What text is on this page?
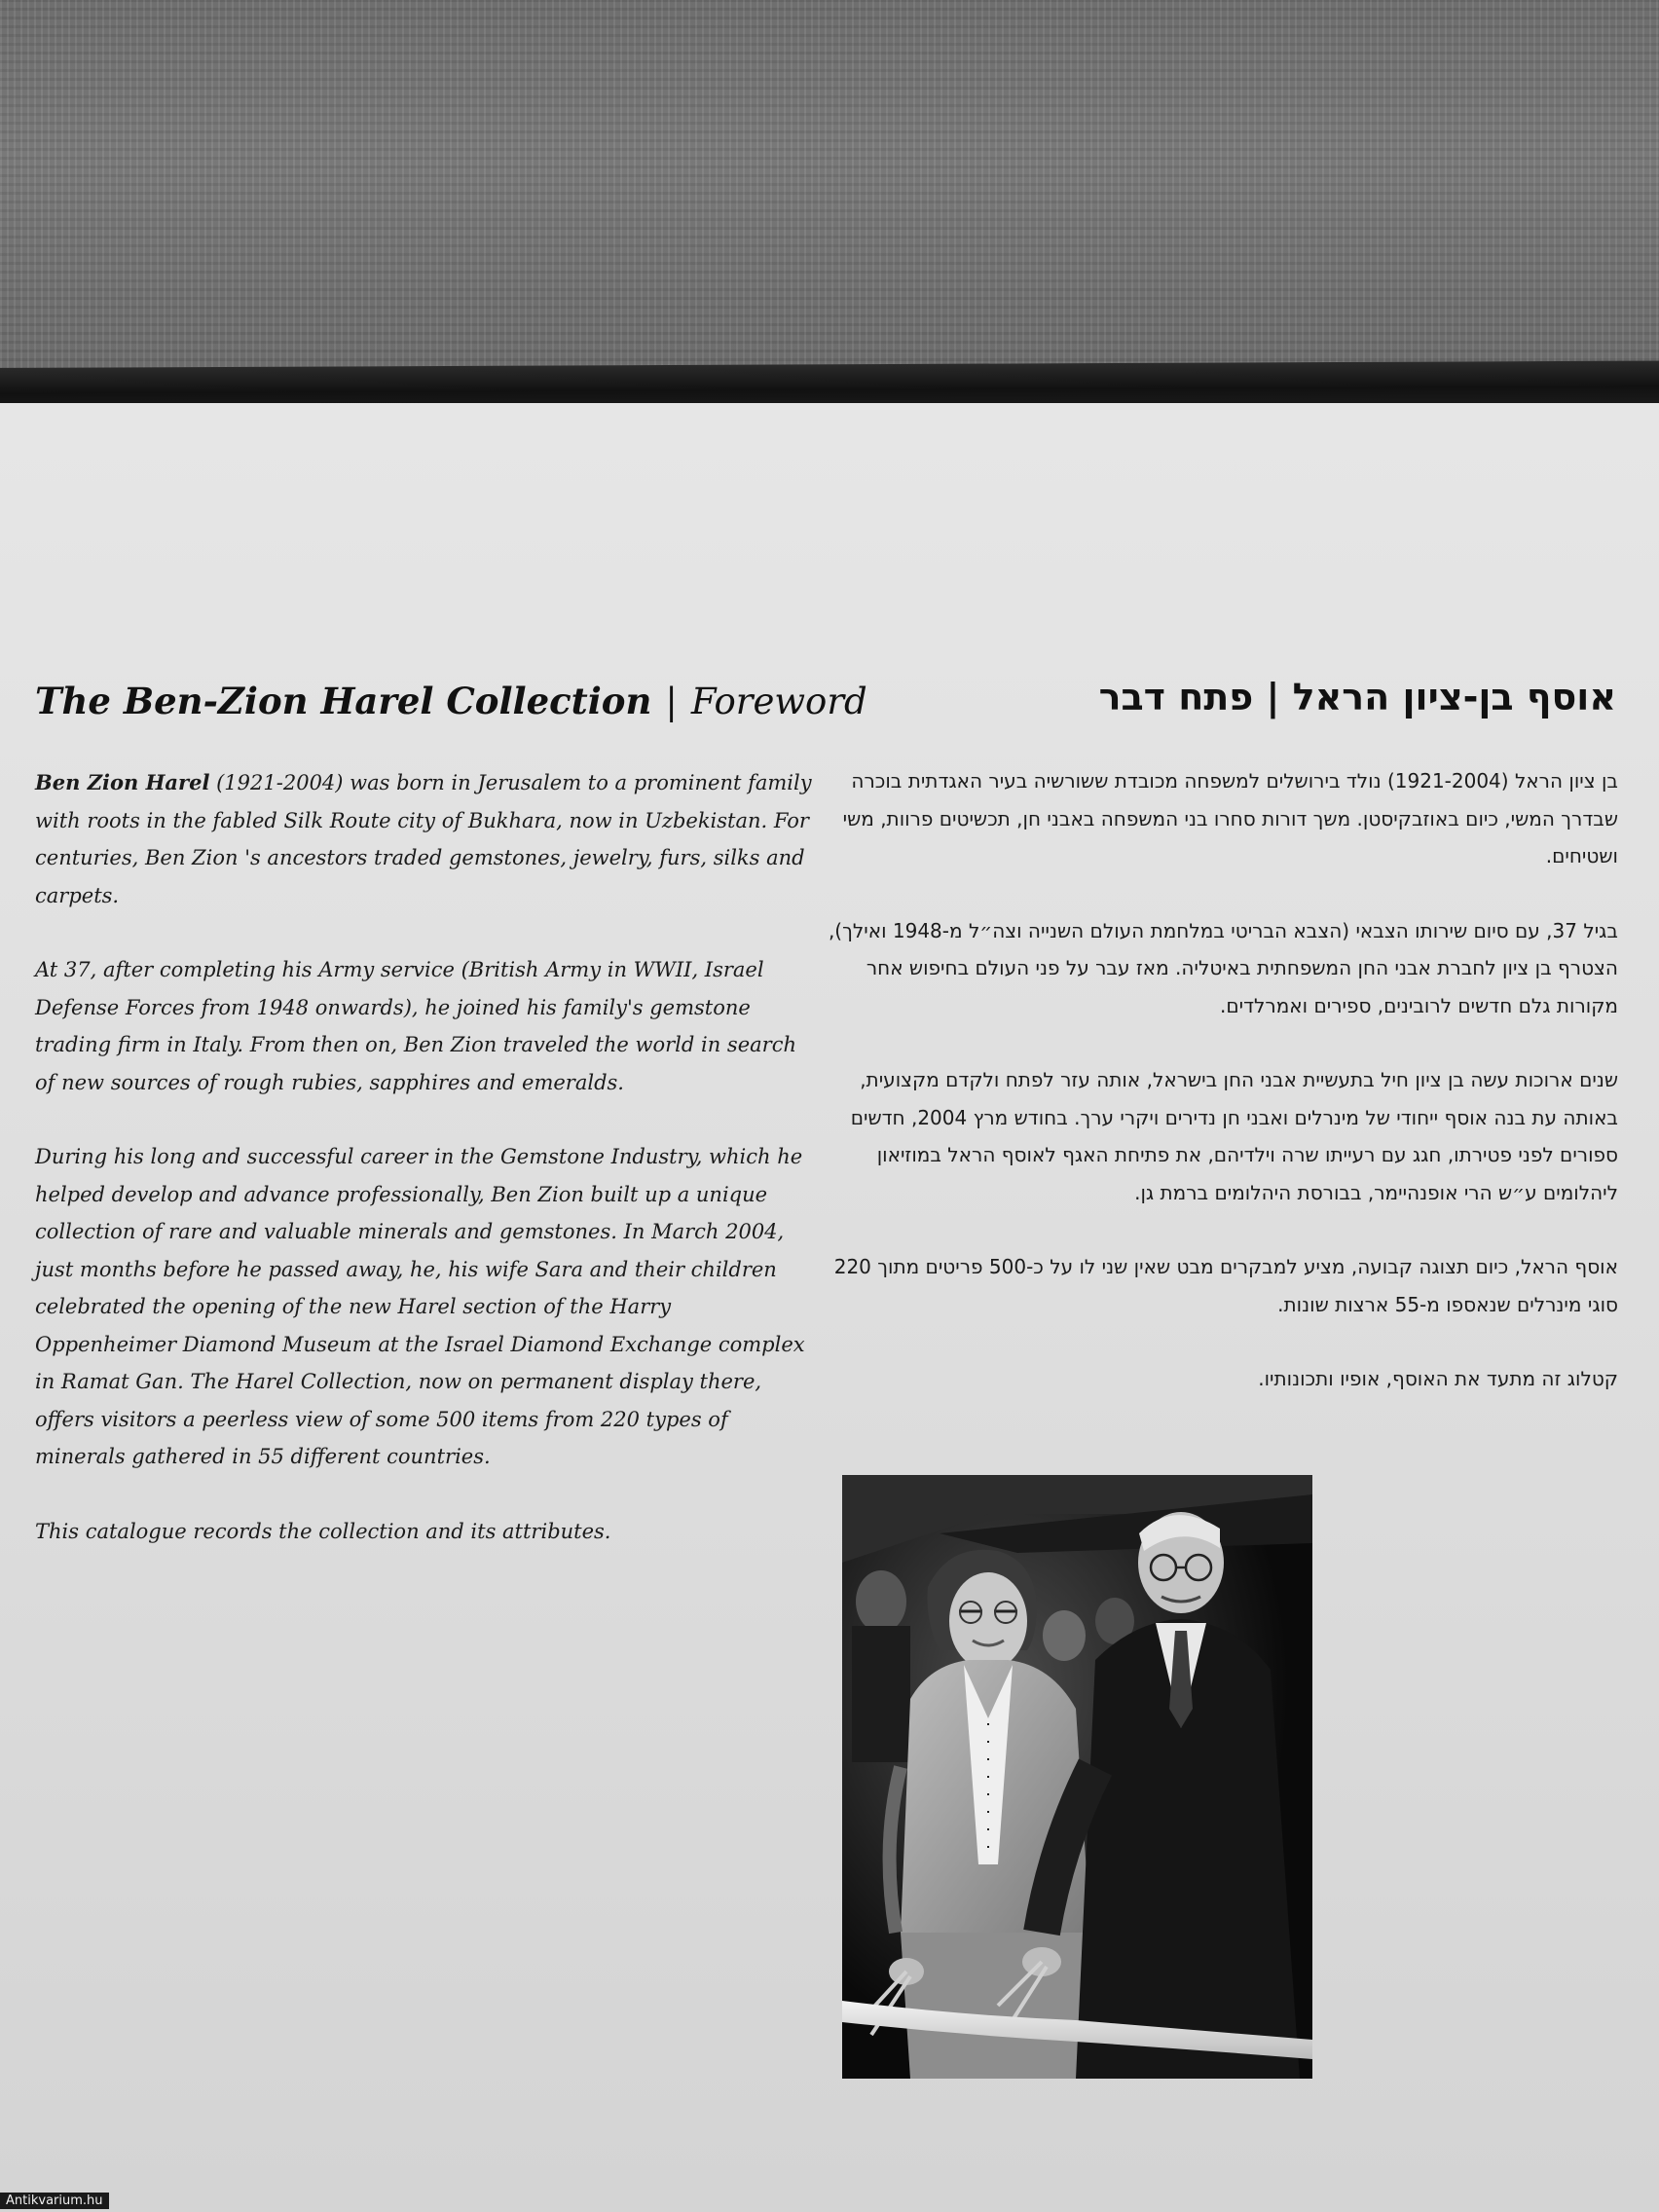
The Ben-Zion Harel Collection | Foreword	אוסף בן-ציון הראל | פתח דבר

Ben Zion Harel (1921-2004) was born in Jerusalem to a prominent family with roots in the fabled Silk Route city of Bukhara, now in Uzbekistan. For centuries, Ben Zion 's ancestors traded gemstones, jewelry, furs, silks and carpets.

At 37, after completing his Army service (British Army in WWII, Israel Defense Forces from 1948 onwards), he joined his family's gemstone trading firm in Italy. From then on, Ben Zion traveled the world in search of new sources of rough rubies, sapphires and emeralds.

During his long and successful career in the Gemstone Industry, which he helped develop and advance professionally, Ben Zion built up a unique collection of rare and valuable minerals and gemstones. In March 2004, just months before he passed away, he, his wife Sara and their children celebrated the opening of the new Harel section of the Harry Oppenheimer Diamond Museum at the Israel Diamond Exchange complex in Ramat Gan. The Harel Collection, now on permanent display there, offers visitors a peerless view of some 500 items from 220 types of minerals gathered in 55 different countries.

This catalogue records the collection and its attributes.

בן ציון הראל (1921-2004) נולד בירושלים למשפחה מכובדת ששורשיה בעיר האגדתית בוכרה שבדרך המשי, כיום באוזבקיסטן. משך דורות סחרו בני המשפחה באבני חן, תכשיטים פרוות, משי ושטיחים.

בגיל 37, עם סיום שירותו הצבאי (הצבא הבריטי במלחמת העולם השנייה וצה״ל מ-1948 ואילך), הצטרף בן ציון לחברת אבני החן המשפחתית באיטליה. מאז עבר על פני העולם בחיפוש אחר מקורות גלם חדשים לרובינים, ספירים ואמרלדים.

שנים ארוכות עשה בן ציון חיל בתעשיית אבני החן בישראל, אותה עזר לפתח ולקדם מקצועית, באותה עת בנה אוסף ייחודי של מינרלים ואבני חן נדירים ויקרי ערך. בחודש מרץ 2004, חדשים ספורים לפני פטירתו, חגג עם רעייתו שרה וילדיהם, את פתיחת האגף לאוסף הראל במוזיאון ליהלומים ע״ש הרי אופנהיימר, בבורסת היהלומים ברמת גן.

אוסף הראל, כיום תצוגה קבועה, מציע למבקרים מבט שאין שני לו על כ-500 פריטים מתוך 220 סוגי מינרלים שנאספו מ-55 ארצות שונות.

קטלוג זה מתעד את האוסף, אופיו ותכונותיו.

Antikvarium.hu
